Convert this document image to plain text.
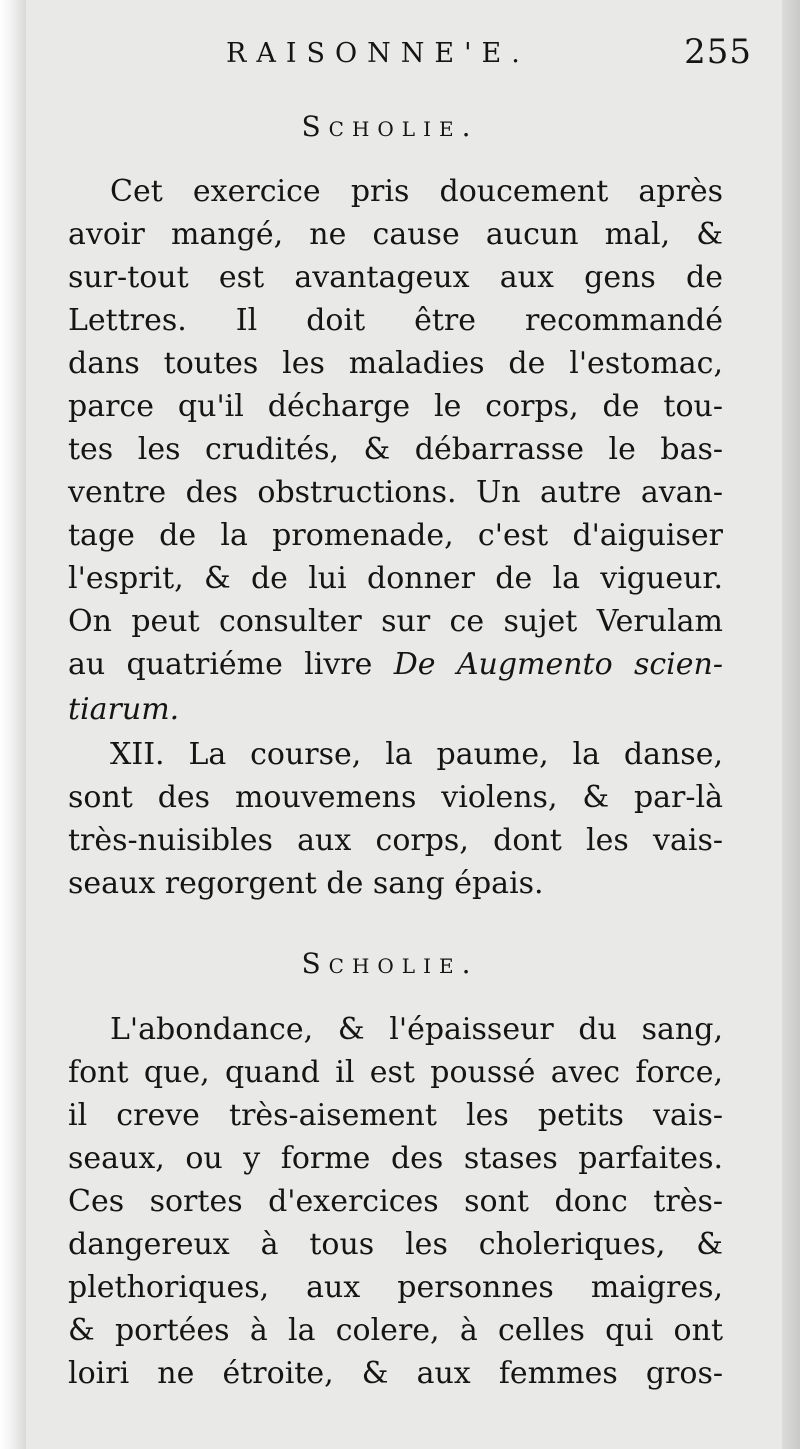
RAISONNE'E.	255
Scholie.
Cet exercice pris doucement après
avoir mangé, ne cause aucun mal, &
sur-tout est avantageux aux gens de
Lettres. Il doit être recommandé
dans toutes les maladies de l'estomac,
parce qu'il décharge le corps, de tou-
tes les crudités, & débarrasse le bas-
ventre des obstructions. Un autre avan-
tage de la promenade, c'est d'aiguiser
l'esprit, & de lui donner de la vigueur.
On peut consulter sur ce sujet Verulam
au quatriéme livre De Augmento scien-
tiarum.
XII. La course, la paume, la danse,
sont des mouvemens violens, & par-là
très-nuisibles aux corps, dont les vais-
seaux regorgent de sang épais.
Scholie.
L'abondance, & l'épaisseur du sang,
font que, quand il est poussé avec force,
il creve très-aisement les petits vais-
seaux, ou y forme des stases parfaites.
Ces sortes d'exercices sont donc très-
dangereux à tous les choleriques, &
plethoriques, aux personnes maigres,
& portées à la colere, à celles qui ont
loiri ne étroite, & aux femmes gros-
